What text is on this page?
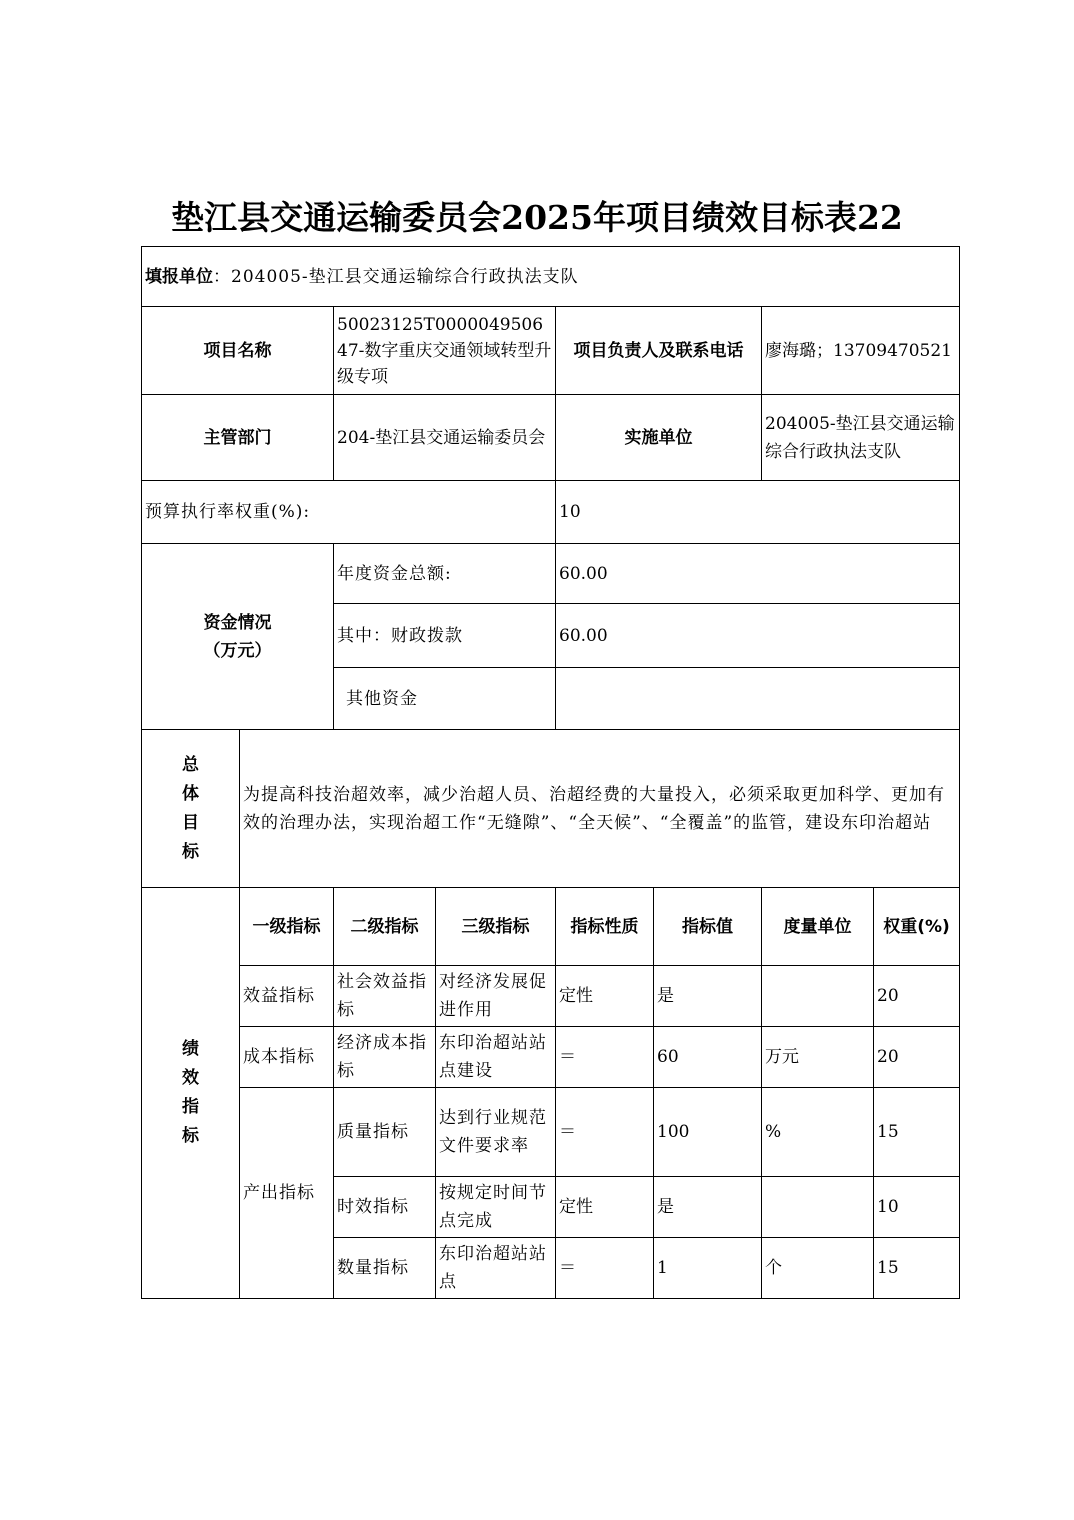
垫江县交通运输委员会2025年项目绩效目标表22
填报单位：204005-垫江县交通运输综合行政执法支队							
项目名称		50023125T000004950647-数字重庆交通领域转型升级专项		项目负责人及联系电话		廖海璐；13709470521	
主管部门		204-垫江县交通运输委员会		实施单位		204005-垫江县交通运输综合行政执法支队	
预算执行率权重(%):				10			

资金情况
（万元）		年度资金总额:		60.00			
		其中：财政拨款		60.00			
		其他资金					

总
体
目
标	为提高科技治超效率，减少治超人员、治超经费的大量投入，必须采取更加科学、更加有效的治理办法，实现治超工作“无缝隙”、“全天候”、“全覆盖”的监管，建设东印治超站						

绩
效
指
标	一级指标	二级指标	三级指标	指标性质	指标值	度量单位	权重(%)
	效益指标	社会效益指标	对经济发展促进作用	定性	是		20
	成本指标	经济成本指标	东印治超站站点建设	＝	60	万元	20
	产出指标	质量指标	达到行业规范文件要求率	＝	100	%	15
		时效指标	按规定时间节点完成	定性	是		10
		数量指标	东印治超站站点	＝	1	个	15
